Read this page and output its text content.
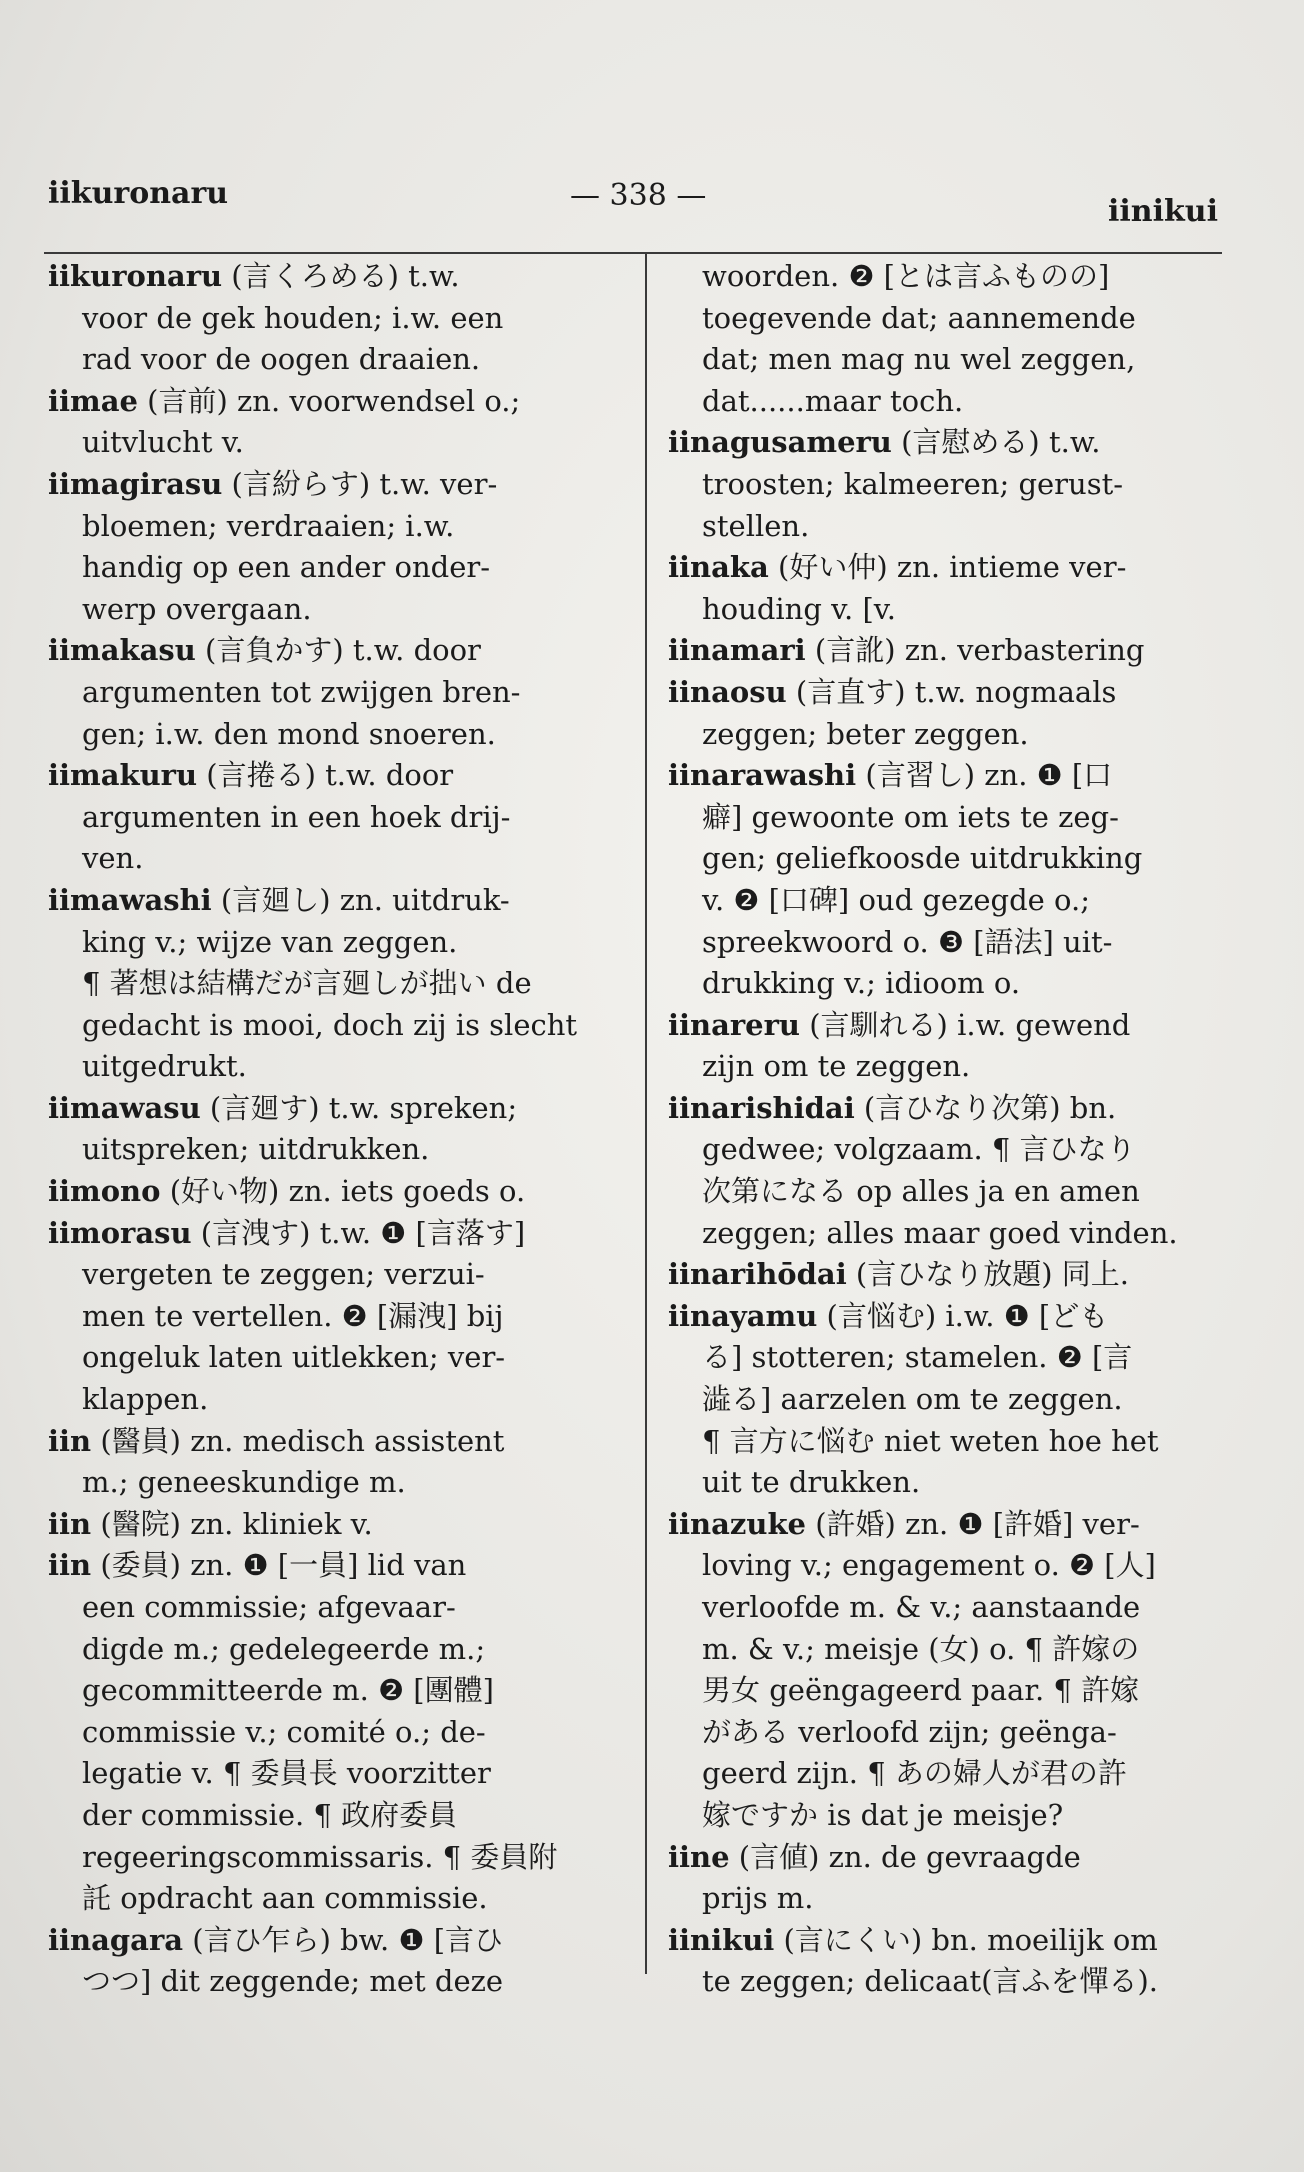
iikuronaru	— 338 —	iinikui
iikuronaru (言くろめる) t.w.
voor de gek houden; i.w. een
rad voor de oogen draaien.
iimae (言前) zn. voorwendsel o.;
uitvlucht v.
iimagirasu (言紛らす) t.w. ver-
bloemen; verdraaien; i.w.
handig op een ander onder-
werp overgaan.
iimakasu (言負かす) t.w. door
argumenten tot zwijgen bren-
gen; i.w. den mond snoeren.
iimakuru (言捲る) t.w. door
argumenten in een hoek drij-
ven.
iimawashi (言廻し) zn. uitdruk-
king v.; wijze van zeggen.
¶ 著想は結構だが言廻しが拙い de
gedacht is mooi, doch zij is slecht
uitgedrukt.
iimawasu (言廻す) t.w. spreken;
uitspreken; uitdrukken.
iimono (好い物) zn. iets goeds o.
iimorasu (言洩す) t.w. ❶ [言落す]
vergeten te zeggen; verzui-
men te vertellen. ❷ [漏洩] bij
ongeluk laten uitlekken; ver-
klappen.
iin (醫員) zn. medisch assistent
m.; geneeskundige m.
iin (醫院) zn. kliniek v.
iin (委員) zn. ❶ [一員] lid van
een commissie; afgevaar-
digde m.; gedelegeerde m.;
gecommitteerde m. ❷ [團體]
commissie v.; comité o.; de-
legatie v. ¶ 委員長 voorzitter
der commissie. ¶ 政府委員
regeeringscommissaris. ¶ 委員附
託 opdracht aan commissie.
iinagara (言ひ乍ら) bw. ❶ [言ひ
つつ] dit zeggende; met deze
woorden. ❷ [とは言ふものの]
toegevende dat; aannemende
dat; men mag nu wel zeggen,
dat......maar toch.
iinagusameru (言慰める) t.w.
troosten; kalmeeren; gerust-
stellen.
iinaka (好い仲) zn. intieme ver-
houding v. [v.
iinamari (言訛) zn. verbastering
iinaosu (言直す) t.w. nogmaals
zeggen; beter zeggen.
iinarawashi (言習し) zn. ❶ [口
癖] gewoonte om iets te zeg-
gen; geliefkoosde uitdrukking
v. ❷ [口碑] oud gezegde o.;
spreekwoord o. ❸ [語法] uit-
drukking v.; idioom o.
iinareru (言馴れる) i.w. gewend
zijn om te zeggen.
iinarishidai (言ひなり次第) bn.
gedwee; volgzaam. ¶ 言ひなり
次第になる op alles ja en amen
zeggen; alles maar goed vinden.
iinarihōdai (言ひなり放題) 同上.
iinayamu (言悩む) i.w. ❶ [ども
る] stotteren; stamelen. ❷ [言
澁る] aarzelen om te zeggen.
¶ 言方に悩む niet weten hoe het
uit te drukken.
iinazuke (許婚) zn. ❶ [許婚] ver-
loving v.; engagement o. ❷ [人]
verloofde m. & v.; aanstaande
m. & v.; meisje (女) o. ¶ 許嫁の
男女 geëngageerd paar. ¶ 許嫁
がある verloofd zijn; geënga-
geerd zijn. ¶ あの婦人が君の許
嫁ですか is dat je meisje?
iine (言値) zn. de gevraagde
prijs m.
iinikui (言にくい) bn. moeilijk om
te zeggen; delicaat(言ふを憚る).
